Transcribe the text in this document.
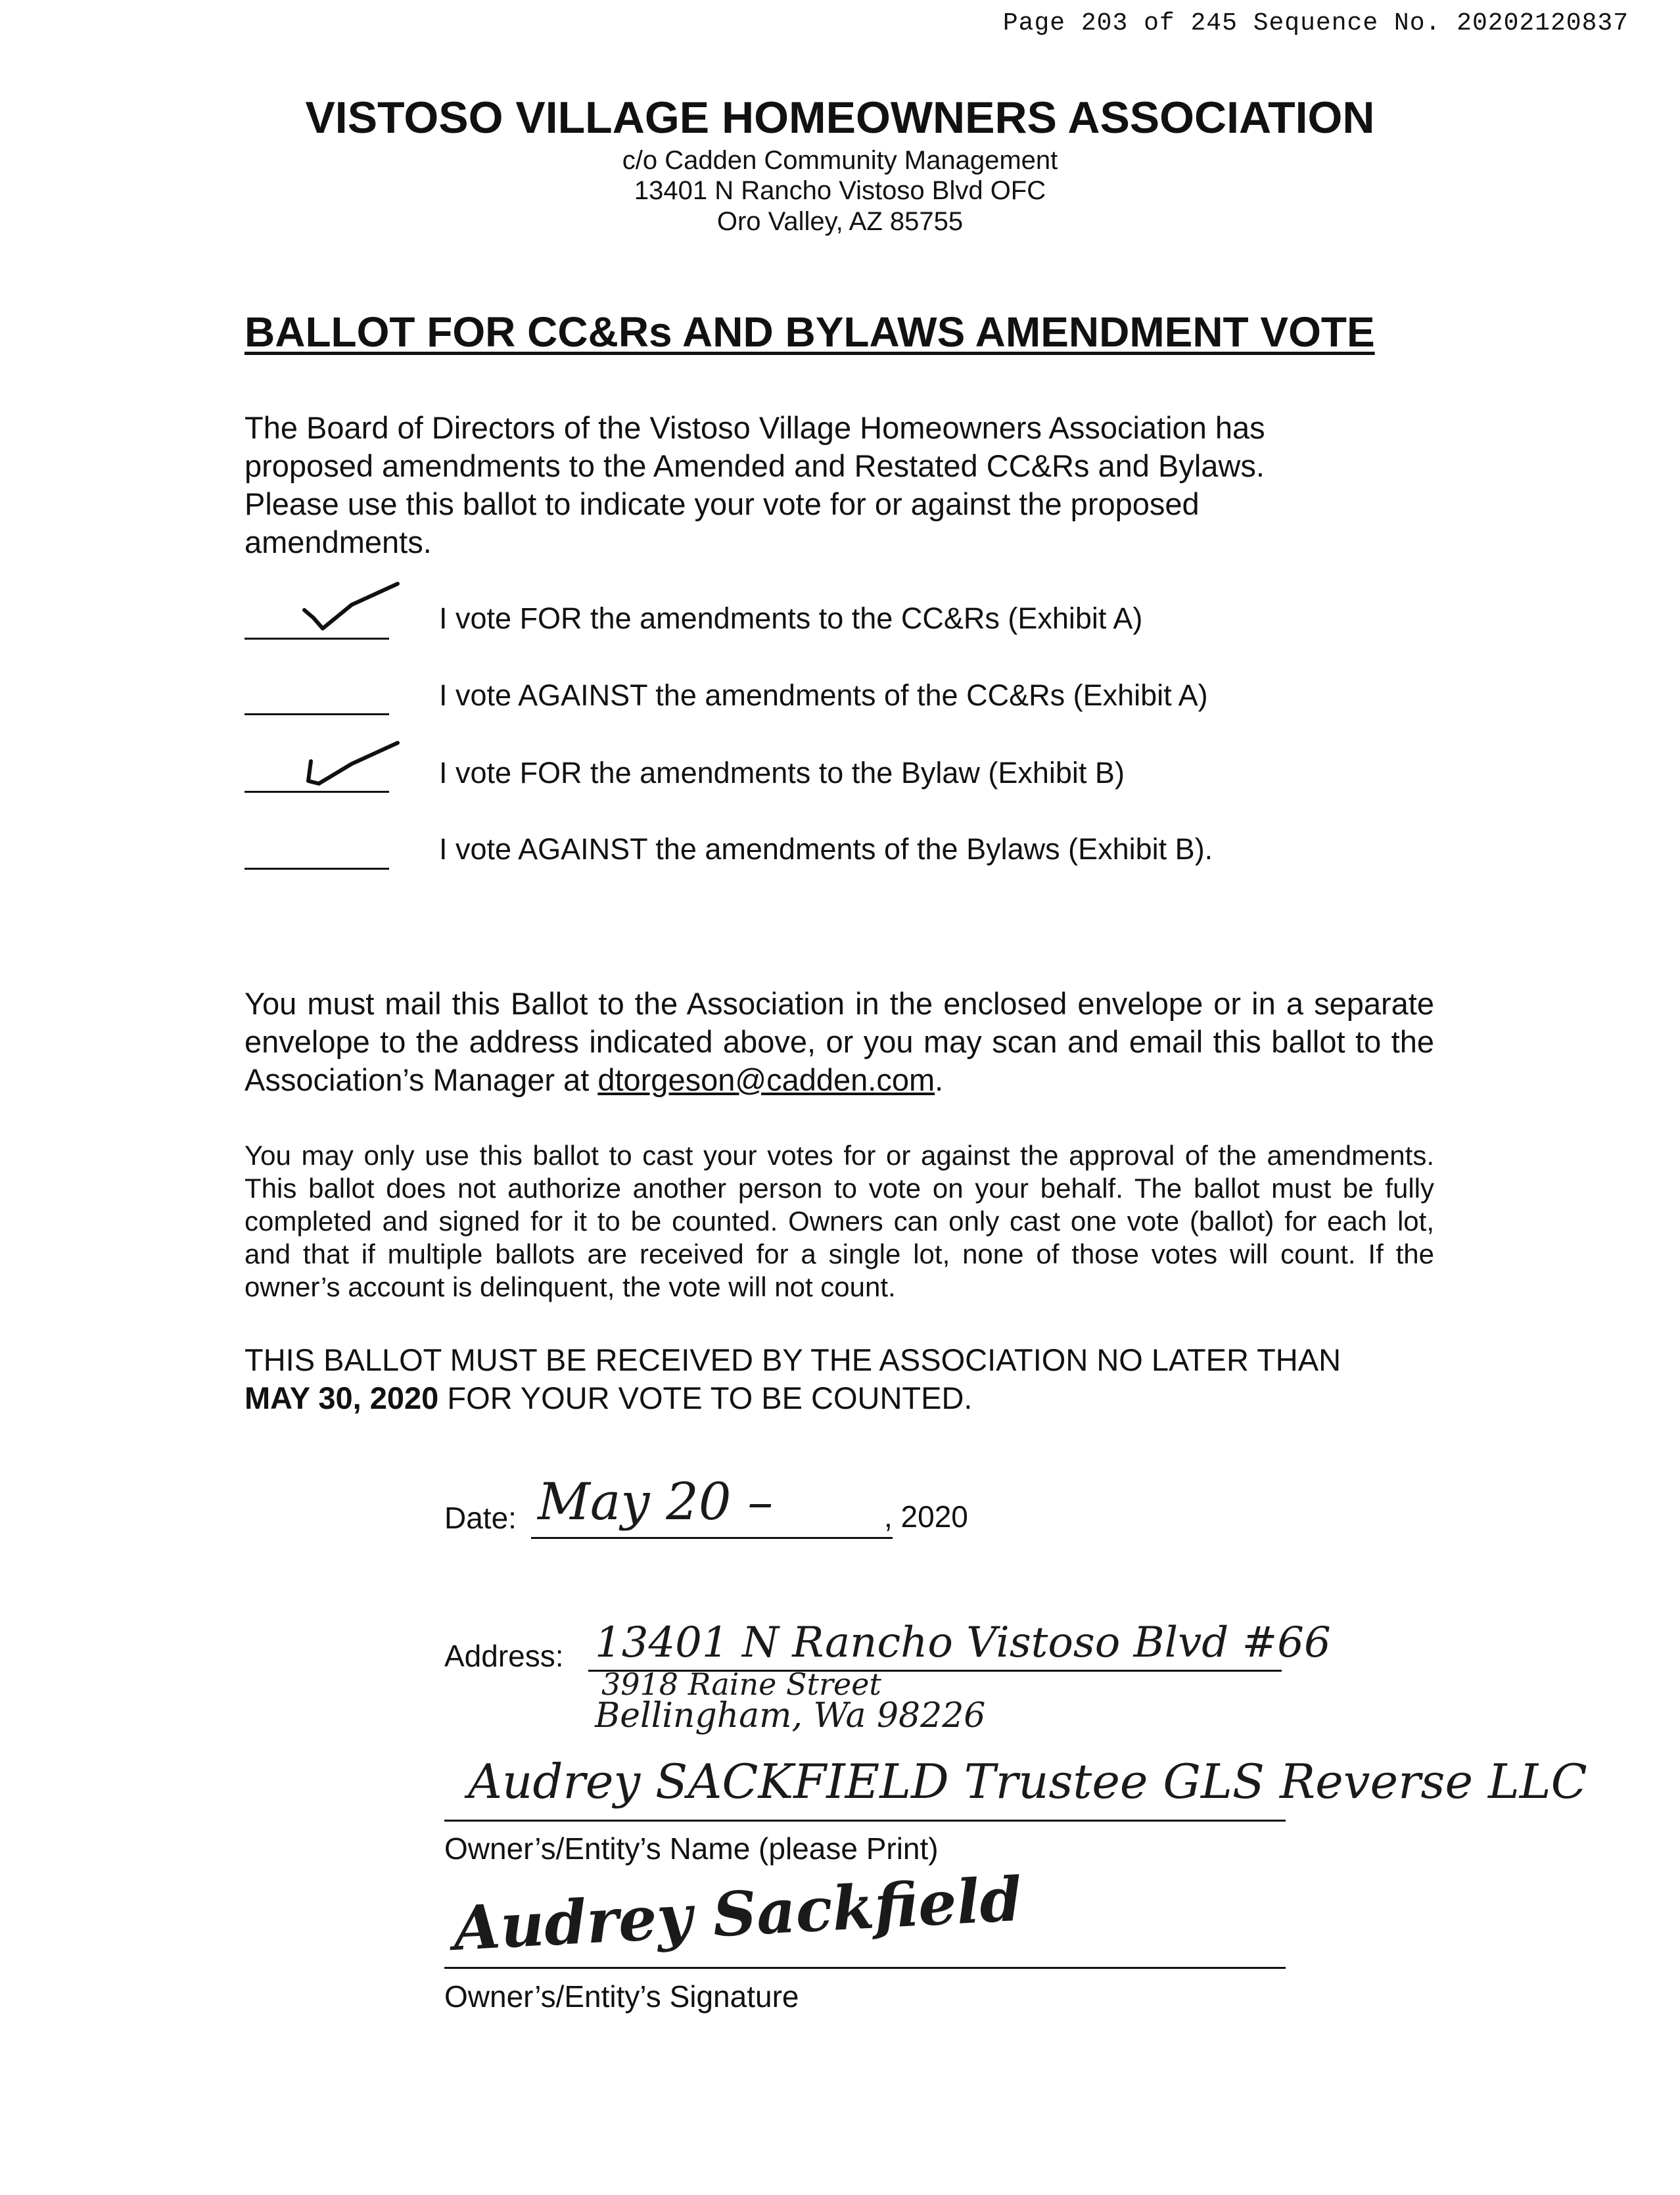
Page 203 of 245 Sequence No. 20202120837
VISTOSO VILLAGE HOMEOWNERS ASSOCIATION
c/o Cadden Community Management
13401 N Rancho Vistoso Blvd OFC
Oro Valley, AZ 85755
BALLOT FOR CC&Rs AND BYLAWS AMENDMENT VOTE
The Board of Directors of the Vistoso Village Homeowners Association has proposed amendments to the Amended and Restated CC&Rs and Bylaws. Please use this ballot to indicate your vote for or against the proposed amendments.
I vote FOR the amendments to the CC&Rs (Exhibit A)
I vote AGAINST the amendments of the CC&Rs (Exhibit A)
I vote FOR the amendments to the Bylaw (Exhibit B)
I vote AGAINST the amendments of the Bylaws (Exhibit B).
You must mail this Ballot to the Association in the enclosed envelope or in a separate envelope to the address indicated above, or you may scan and email this ballot to the Association’s Manager at dtorgeson@cadden.com.
You may only use this ballot to cast your votes for or against the approval of the amendments. This ballot does not authorize another person to vote on your behalf. The ballot must be fully completed and signed for it to be counted. Owners can only cast one vote (ballot) for each lot, and that if multiple ballots are received for a single lot, none of those votes will count. If the owner’s account is delinquent, the vote will not count.
THIS BALLOT MUST BE RECEIVED BY THE ASSOCIATION NO LATER THAN
MAY 30, 2020 FOR YOUR VOTE TO BE COUNTED.
Date: May 20 –	, 2020
Address: 13401 N Rancho Vistoso Blvd #66
3918 Raine Street
Bellingham, Wa 98226
Audrey SACKFIELD Trustee GLS Reverse LLC
Owner’s/Entity’s Name (please Print)
Audrey Sackfield
Owner’s/Entity’s Signature
